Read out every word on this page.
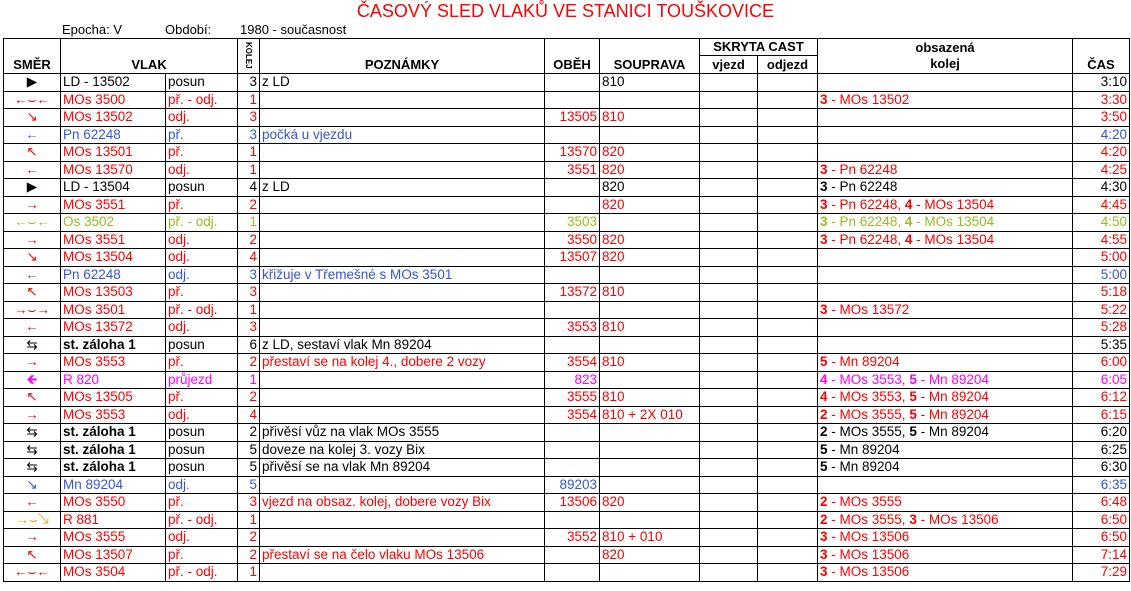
ČASOVÝ SLED VLAKŮ VE STANICI TOUŠKOVICE
Epocha: V	Období: 1980 - současnost
SMĚR	VLAK		KOLEJ	POZNÁMKY	OBĚH	SOUPRAVA	SKRYTA CAST		obsazená
kolej	ČAS
							vjezd	odjezd		
▶	LD - 13502	posun	3	z LD		810				3:10
←⌣←	MOs 3500	př. - odj.	1						3 - MOs 13502	3:30
↘	MOs 13502	odj.	3		13505	810				3:50
←	Pn 62248	př.	3	počká u vjezdu						4:20
↖	MOs 13501	př.	1		13570	820				4:20
←	MOs 13570	odj.	1		3551	820			3 - Pn 62248	4:25
▶	LD - 13504	posun	4	z LD		820			3 - Pn 62248	4:30
→	MOs 3551	př.	2			820			3 - Pn 62248, 4 - MOs 13504	4:45
←⌣←	Os 3502	př. - odj.	1		3503				3 - Pn 62248, 4 - MOs 13504	4:50
→	MOs 3551	odj.	2		3550	820			3 - Pn 62248, 4 - MOs 13504	4:55
↘	MOs 13504	odj.	4		13507	820				5:00
←	Pn 62248	odj.	3	křižuje v Třemešné s MOs 3501						5:00
↖	MOs 13503	př.	3		13572	810				5:18
→⌣→	MOs 3501	př. - odj.	1						3 - MOs 13572	5:22
←	MOs 13572	odj.	3		3553	810				5:28
⇆	st. záloha 1	posun	6	z LD, sestaví vlak Mn 89204						5:35
→	MOs 3553	př.	2	přestaví se na kolej 4., dobere 2 vozy	3554	810			5 - Mn 89204	6:00
🡸	R 820	průjezd	1		823				4 - MOs 3553, 5 - Mn 89204	6:05
↖	MOs 13505	př.	2		3555	810			4 - MOs 3553, 5 - Mn 89204	6:12
→	MOs 3553	odj.	4		3554	810 + 2X 010			2 - MOs 3555, 5 - Mn 89204	6:15
⇆	st. záloha 1	posun	2	přivěsí vůz na vlak MOs 3555					2 - MOs 3555, 5 - Mn 89204	6:20
⇆	st. záloha 1	posun	5	doveze na kolej 3. vozy Bix					5 - Mn 89204	6:25
⇆	st. záloha 1	posun	5	přivěsí se na vlak Mn 89204					5 - Mn 89204	6:30
↘	Mn 89204	odj.	5		89203					6:35
←	MOs 3550	př.	3	vjezd na obsaz. kolej, dobere vozy Bix	13506	820			2 - MOs 3555	6:48
→⌣↘	R 881	př. - odj.	1						2 - MOs 3555, 3 - MOs 13506	6:50
→	MOs 3555	odj.	2		3552	810 + 010			3 - MOs 13506	6:50
↖	MOs 13507	př.	2	přestaví se na čelo vlaku MOs 13506		820			3 - MOs 13506	7:14
←⌣←	MOs 3504	př. - odj.	1						3 - MOs 13506	7:29
